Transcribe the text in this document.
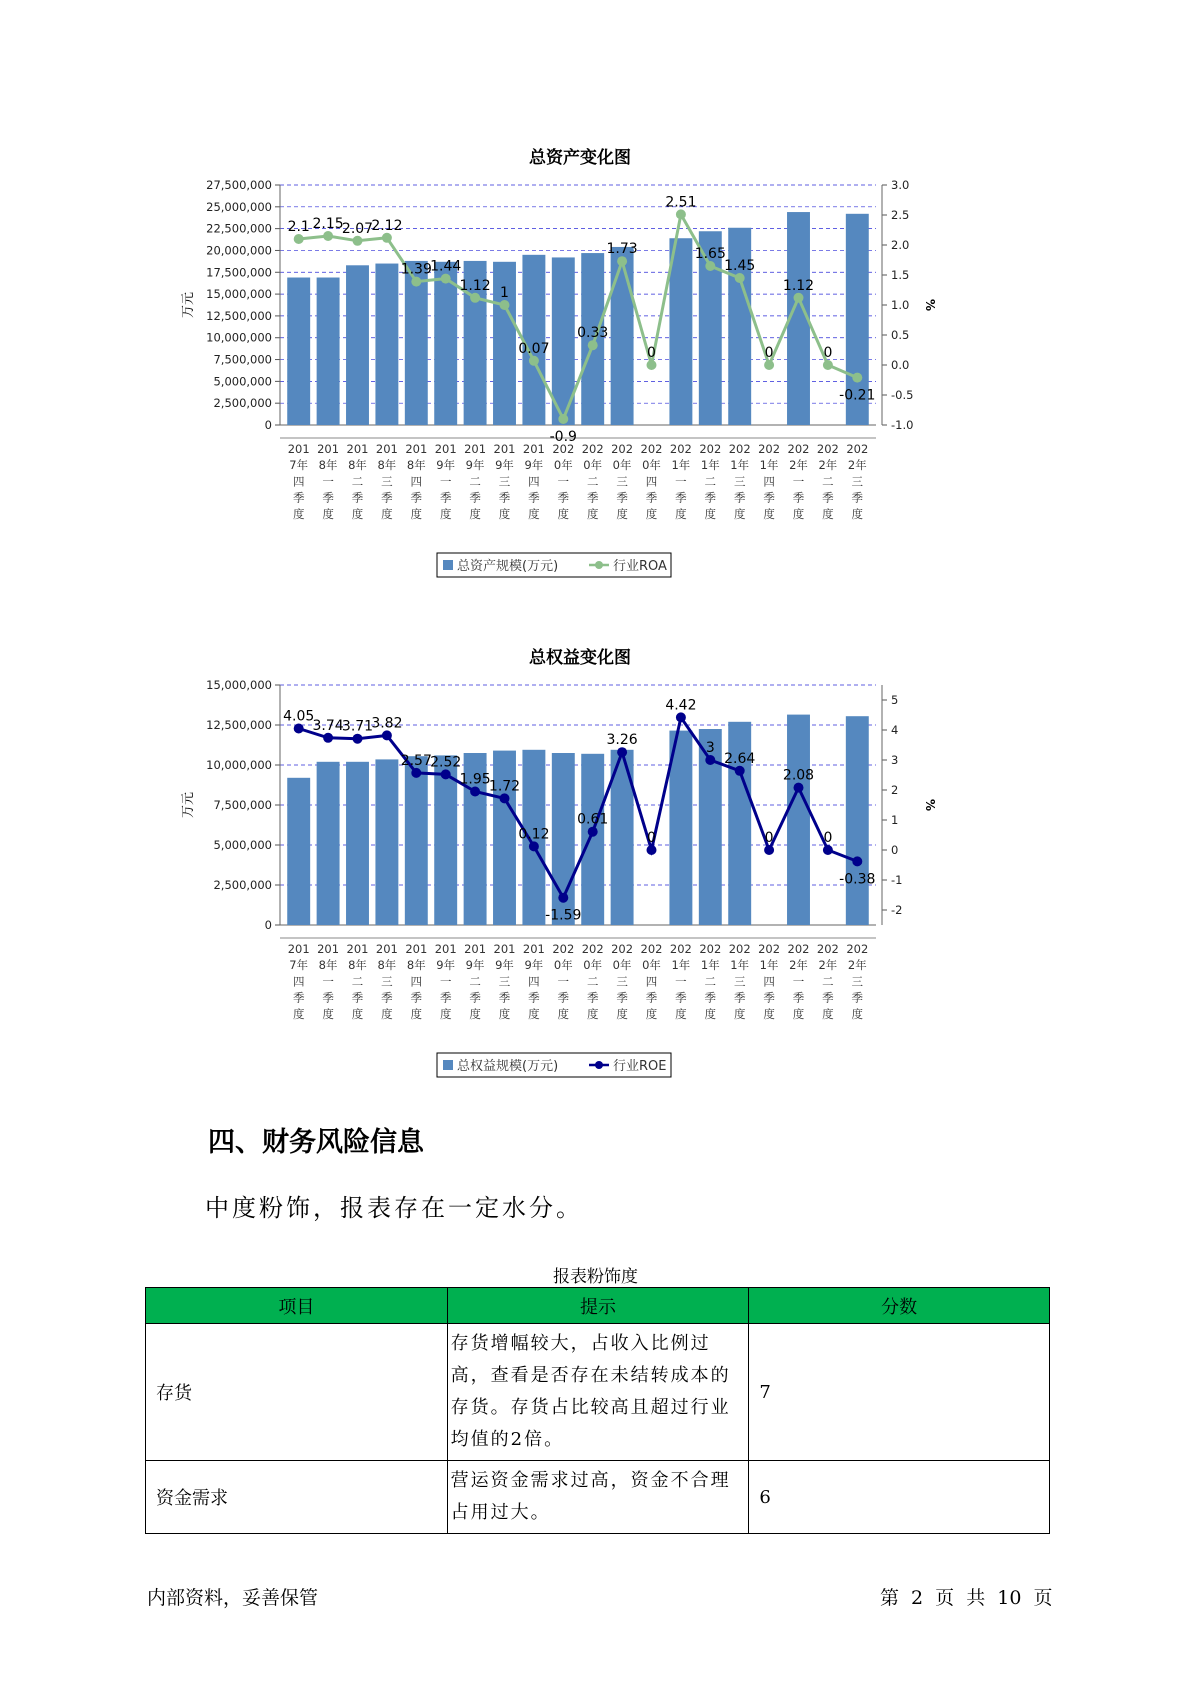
总资产变化图
0
2,500,000
5,000,000
7,500,000
10,000,000
12,500,000
15,000,000
17,500,000
20,000,000
22,500,000
25,000,000
27,500,000
-1.0
-0.5
0.0
0.5
1.0
1.5
2.0
2.5
3.0
万元	%
2.1 2.15
2.07
2.12
1.39
1.44
1.12 1
0.07
-0.9
0.33
1.73
0
2.51
1.65
1.45
0
1.12
0
-0.21
201 7年四季度
201 8年一季度
201 8年二季度
201 8年三季度
201 8年四季度
201 9年一季度
201 9年二季度
201 9年三季度
201 9年四季度
202 0年一季度
202 0年二季度
202 0年三季度
202 0年四季度
202 1年一季度
202 1年二季度
202 1年三季度
202 1年四季度
202 2年一季度
202 2年二季度
202 2年三季度
总资产规模(万元)	行业ROA
总权益变化图
0
2,500,000
5,000,000
7,500,000
10,000,000
12,500,000
15,000,000
-2
-1
0
1
2
3
4
5
万元	%
4.05
3.74
3.71
3.82
2.57
2.52
1.95
1.72
0.12
-1.59
0.61
3.26
0
4.42
3
2.64
0
2.08
0
-0.38
201 7年四季度
201 8年一季度
201 8年二季度
201 8年三季度
201 8年四季度
201 9年一季度
201 9年二季度
201 9年三季度
201 9年四季度
202 0年一季度
202 0年二季度
202 0年三季度
202 0年四季度
202 1年一季度
202 1年二季度
202 1年三季度
202 1年四季度
202 2年一季度
202 2年二季度
202 2年三季度
总权益规模(万元)	行业ROE
四、财务风险信息
中度粉饰，报表存在一定水分。
报表粉饰度
项目	提示	分数
存货	存货增幅较大，占收入比例过高，查看是否存在未结转成本的存货。存货占比较高且超过行业均值的2倍。	7
资金需求	营运资金需求过高，资金不合理占用过大。	6
内部资料，妥善保管	第 2 页 共 10 页
